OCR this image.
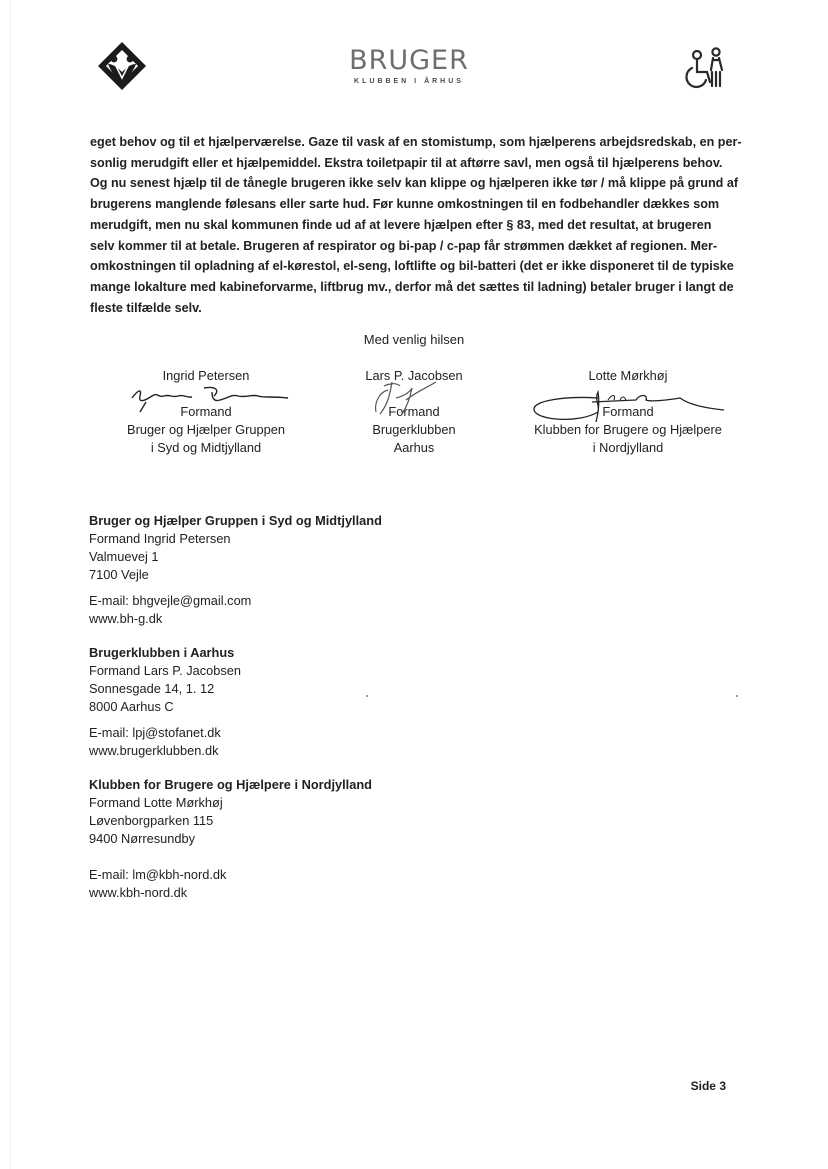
BRUGER
KLUBBEN I ÅRHUS

eget behov og til et hjælperværelse. Gaze til vask af en stomistump, som hjælperens arbejdsredskab, en per-

sonlig merudgift eller et hjælpemiddel. Ekstra toiletpapir til at aftørre savl, men også til hjælperens behov.

Og nu senest hjælp til de tånegle brugeren ikke selv kan klippe og hjælperen ikke tør / må klippe på grund af

brugerens manglende følesans eller sarte hud. Før kunne omkostningen til en fodbehandler dækkes som

merudgift, men nu skal kommunen finde ud af at levere hjælpen efter § 83, med det resultat, at brugeren

selv kommer til at betale. Brugeren af respirator og bi-pap / c-pap får strømmen dækket af regionen. Mer-

omkostningen til opladning af el-kørestol, el-seng, loftlifte og bil-batteri (det er ikke disponeret til de typiske

mange lokalture med kabineforvarme, liftbrug mv., derfor må det sættes til ladning) betaler bruger i langt de

fleste tilfælde selv.

Med venlig hilsen
Ingrid Petersen
Formand
Bruger og Hjælper Gruppen
i Syd og Midtjylland
Lars P. Jacobsen
Formand
Brugerklubben
Aarhus
Lotte Mørkhøj
Formand
Klubben for Brugere og Hjælpere
i Nordjylland
Bruger og Hjælper Gruppen i Syd og Midtjylland
Formand Ingrid Petersen
Valmuevej 1
7100 Vejle
E-mail: bhgvejle@gmail.com
www.bh-g.dk
Brugerklubben i Aarhus
Formand Lars P. Jacobsen
Sonnesgade 14, 1. 12
8000 Aarhus C
E-mail: lpj@stofanet.dk
www.brugerklubben.dk
Klubben for Brugere og Hjælpere i Nordjylland
Formand Lotte Mørkhøj
Løvenborgparken 115
9400 Nørresundby
E-mail: lm@kbh-nord.dk
www.kbh-nord.dk
Side 3
